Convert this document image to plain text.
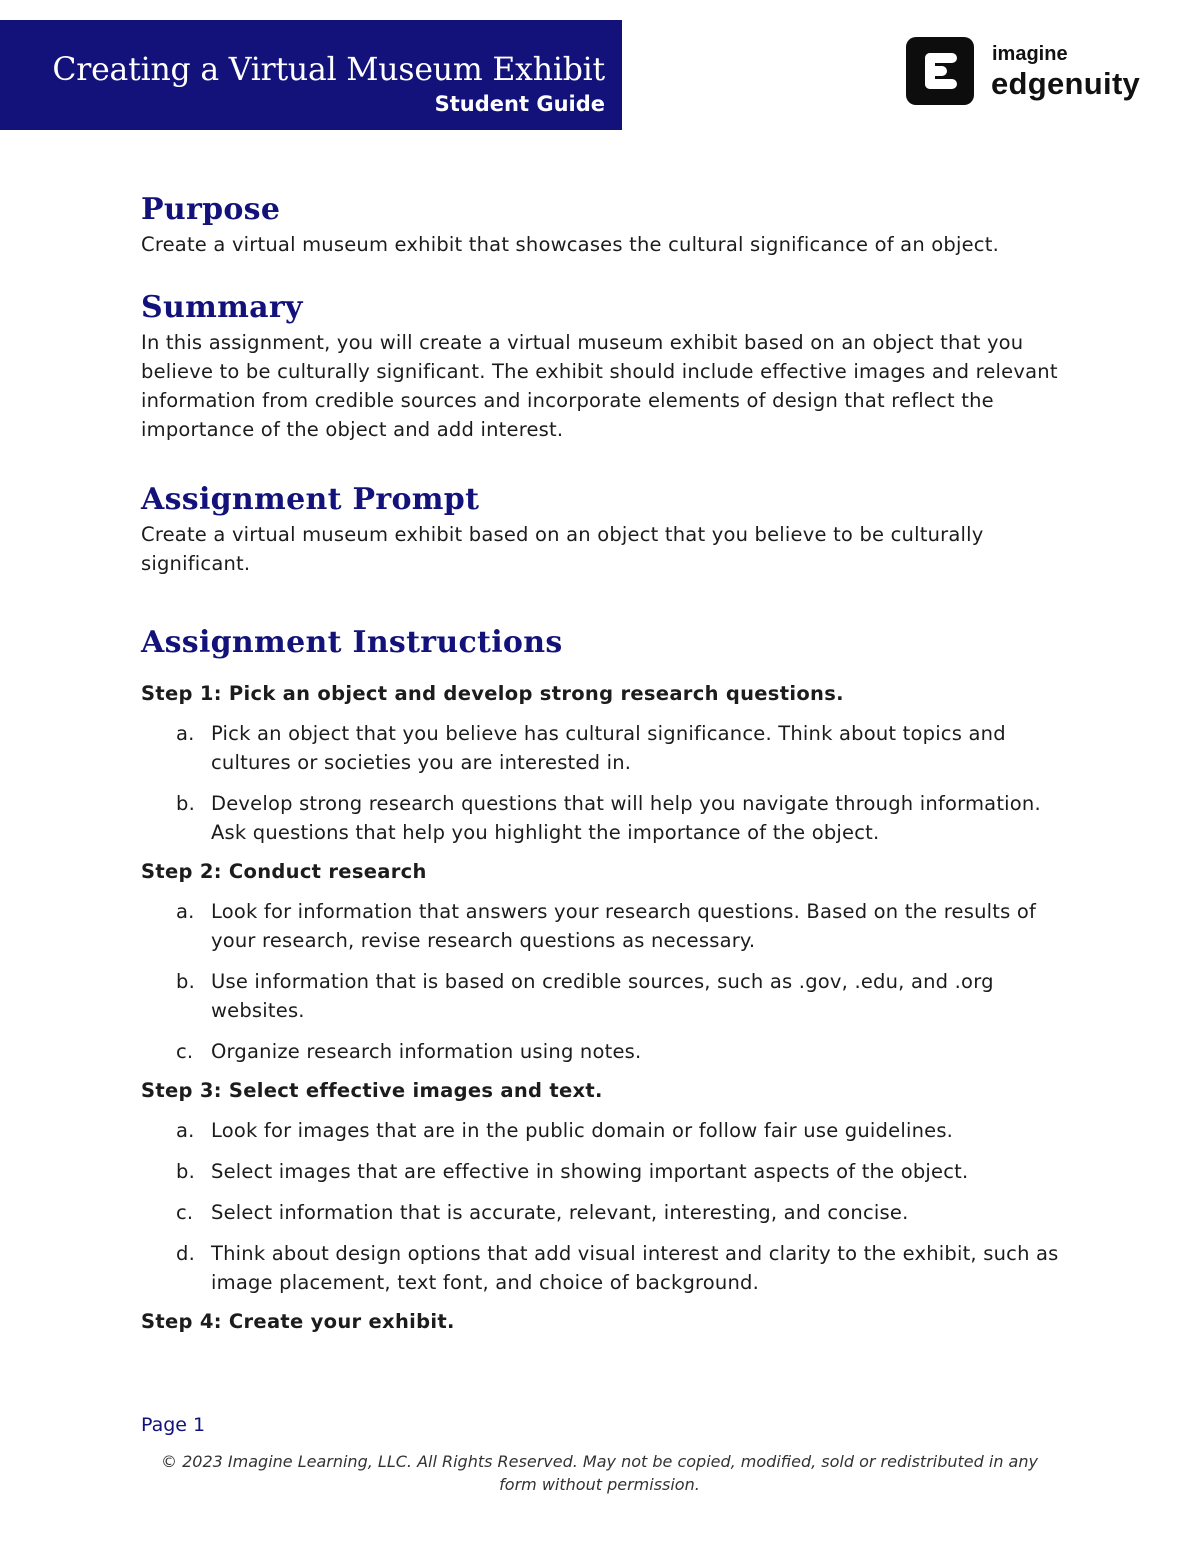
Creating a Virtual Museum Exhibit
Student Guide
imagine
edgenuity
Purpose

Create a virtual museum exhibit that showcases the cultural significance of an object.

Summary

In this assignment, you will create a virtual museum exhibit based on an object that you believe to be culturally significant. The exhibit should include effective images and relevant information from credible sources and incorporate elements of design that reflect the importance of the object and add interest.

Assignment Prompt

Create a virtual museum exhibit based on an object that you believe to be culturally significant.

Assignment Instructions

Step 1: Pick an object and develop strong research questions.

a. Pick an object that you believe has cultural significance. Think about topics and cultures or societies you are interested in.
b. Develop strong research questions that will help you navigate through information. Ask questions that help you highlight the importance of the object.

Step 2: Conduct research

a. Look for information that answers your research questions. Based on the results of your research, revise research questions as necessary.
b. Use information that is based on credible sources, such as .gov, .edu, and .org websites.
c. Organize research information using notes.

Step 3: Select effective images and text.

a. Look for images that are in the public domain or follow fair use guidelines.
b. Select images that are effective in showing important aspects of the object.
c. Select information that is accurate, relevant, interesting, and concise.
d. Think about design options that add visual interest and clarity to the exhibit, such as image placement, text font, and choice of background.

Step 4: Create your exhibit.

Page 1
© 2023 Imagine Learning, LLC. All Rights Reserved. May not be copied, modified, sold or redistributed in any form without permission.
